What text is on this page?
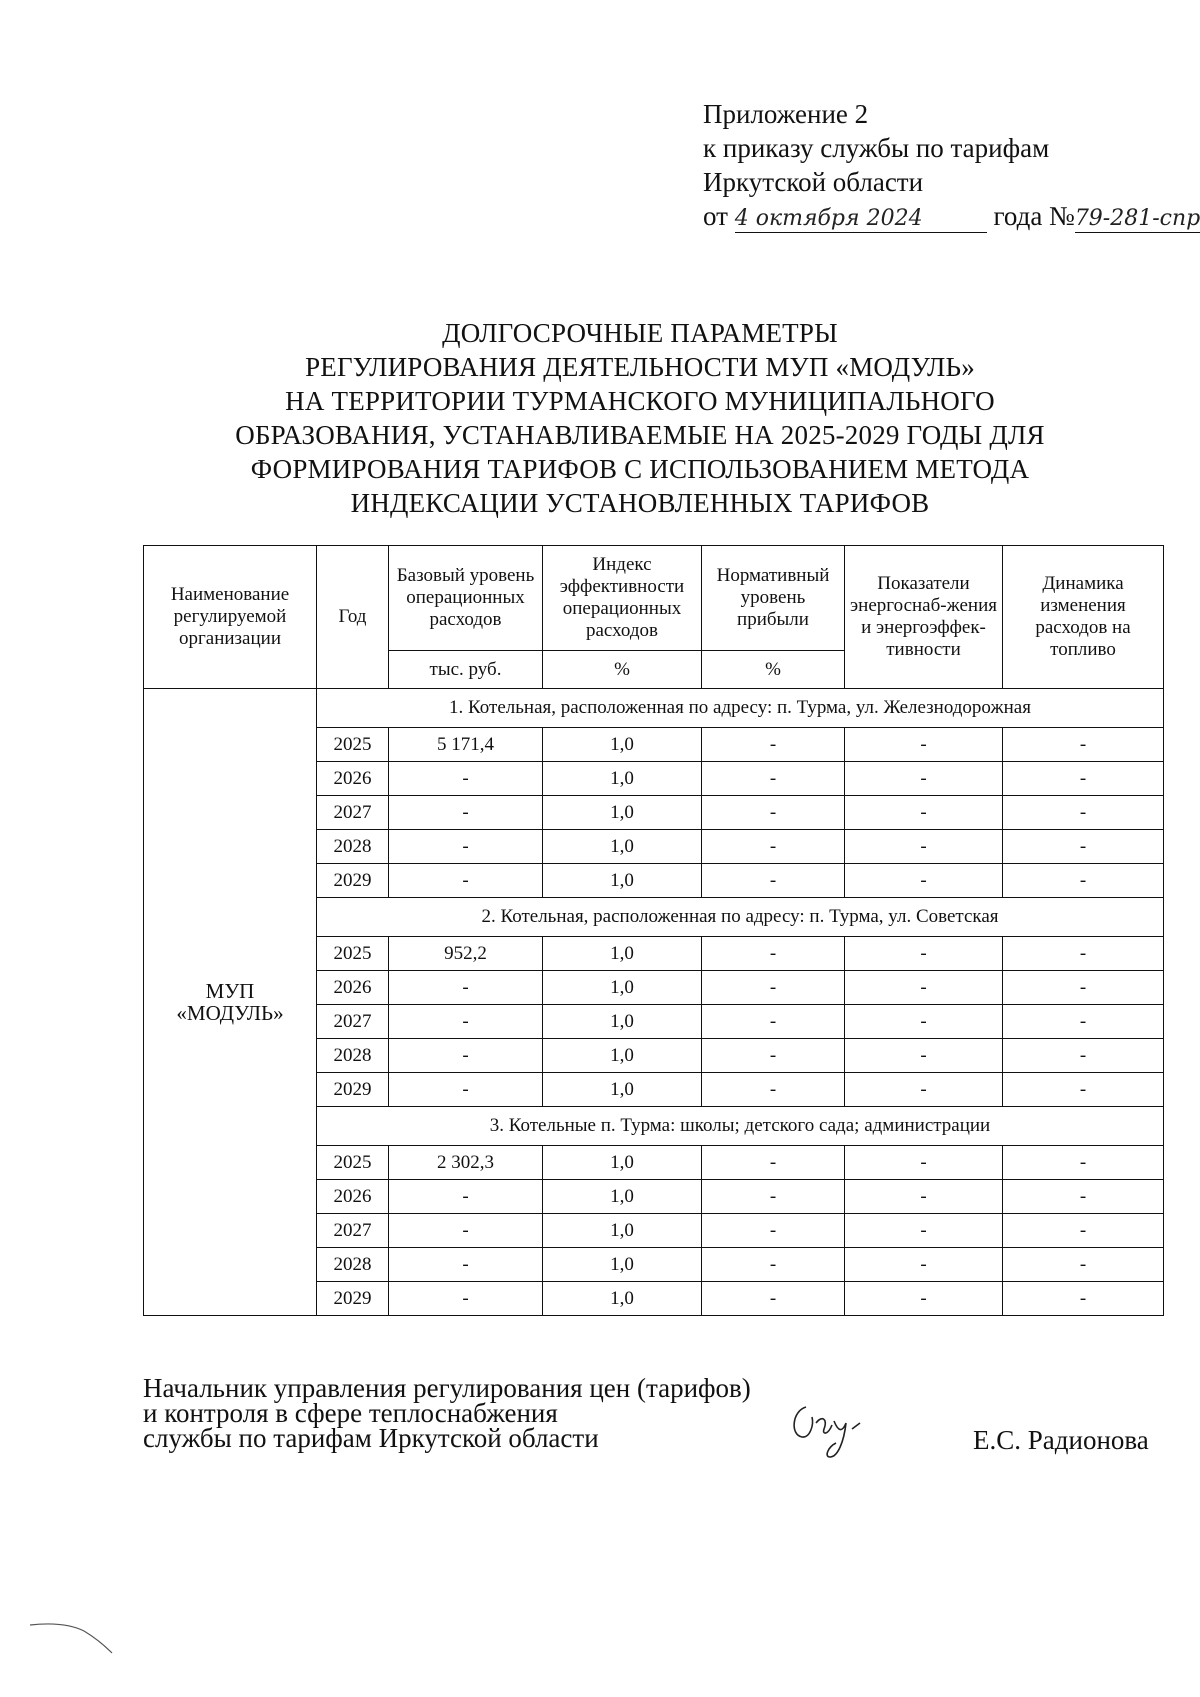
Приложение 2
к приказу службы по тарифам
Иркутской области
от 4 октября 2024	года №79-281-спр
ДОЛГОСРОЧНЫЕ ПАРАМЕТРЫ
РЕГУЛИРОВАНИЯ ДЕЯТЕЛЬНОСТИ МУП «МОДУЛЬ»
НА ТЕРРИТОРИИ ТУРМАНСКОГО МУНИЦИПАЛЬНОГО
ОБРАЗОВАНИЯ, УСТАНАВЛИВАЕМЫЕ НА 2025-2029 ГОДЫ ДЛЯ
ФОРМИРОВАНИЯ ТАРИФОВ С ИСПОЛЬЗОВАНИЕМ МЕТОДА
ИНДЕКСАЦИИ УСТАНОВЛЕННЫХ ТАРИФОВ
Наименование регулируемой организации	Год	Базовый уровень операционных расходов	Индекс эффективности операционных расходов	Нормативный уровень прибыли	Показатели энергоснаб-жения и энергоэффек-тивности	Динамика изменения расходов на топливо
		тыс. руб.	%	%		

МУП
«МОДУЛЬ»	1. Котельная, расположенная по адресу: п. Турма, ул. Железнодорожная					
	2025	5 171,4	1,0	-	-	-
	2026	-	1,0	-	-	-
	2027	-	1,0	-	-	-
	2028	-	1,0	-	-	-
	2029	-	1,0	-	-	-
	2. Котельная, расположенная по адресу: п. Турма, ул. Советская					
	2025	952,2	1,0	-	-	-
	2026	-	1,0	-	-	-
	2027	-	1,0	-	-	-
	2028	-	1,0	-	-	-
	2029	-	1,0	-	-	-
	3. Котельные п. Турма: школы; детского сада; администрации					
	2025	2 302,3	1,0	-	-	-
	2026	-	1,0	-	-	-
	2027	-	1,0	-	-	-
	2028	-	1,0	-	-	-
	2029	-	1,0	-	-	-
Начальник управления регулирования цен (тарифов)
и контроля в сфере теплоснабжения
службы по тарифам Иркутской области	Е.С. Радионова
